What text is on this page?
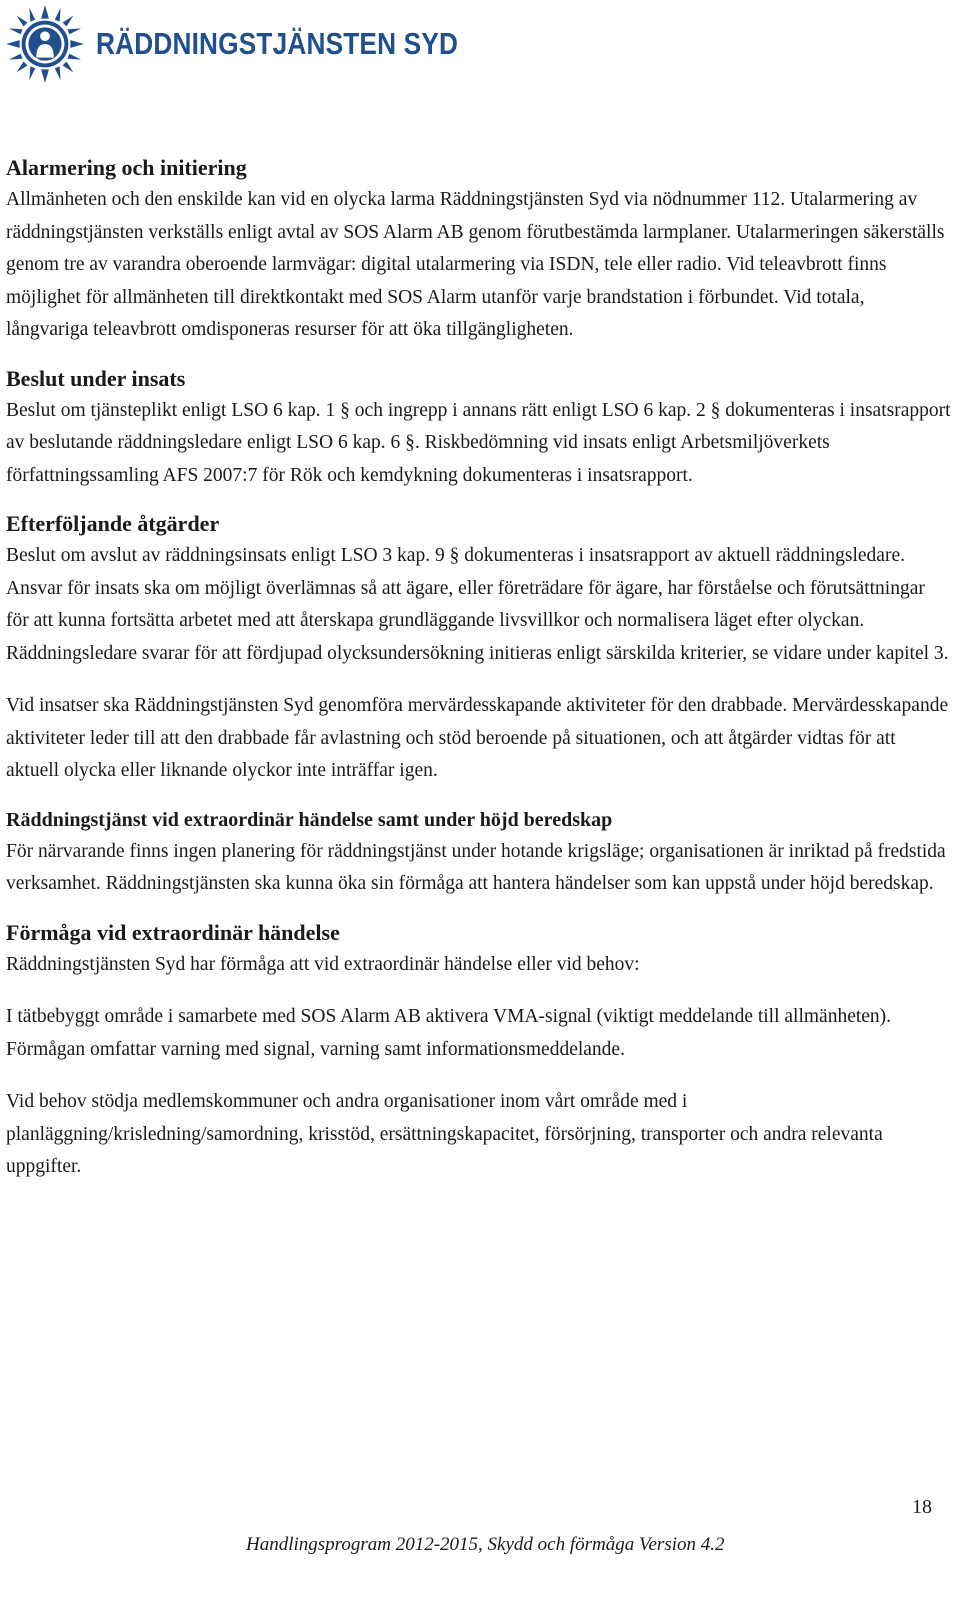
RÄDDNINGSTJÄNSTEN SYD
Alarmering och initiering

Allmänheten och den enskilde kan vid en olycka larma Räddningstjänsten Syd via nödnummer 112. Utalarmering av räddningstjänsten verkställs enligt avtal av SOS Alarm AB genom förutbestämda larmplaner. Utalarmeringen säkerställs genom tre av varandra oberoende larmvägar: digital utalarmering via ISDN, tele eller radio. Vid teleavbrott finns möjlighet för allmänheten till direktkontakt med SOS Alarm utanför varje brandstation i förbundet. Vid totala, långvariga teleavbrott omdisponeras resurser för att öka tillgängligheten.

Beslut under insats

Beslut om tjänsteplikt enligt LSO 6 kap. 1 § och ingrepp i annans rätt enligt LSO 6 kap. 2 § dokumenteras i insatsrapport av beslutande räddningsledare enligt LSO 6 kap. 6 §. Riskbedömning vid insats enligt Arbetsmiljöverkets författningssamling AFS 2007:7 för Rök och kemdykning dokumenteras i insatsrapport.

Efterföljande åtgärder

Beslut om avslut av räddningsinsats enligt LSO 3 kap. 9 § dokumenteras i insatsrapport av aktuell räddningsledare. Ansvar för insats ska om möjligt överlämnas så att ägare, eller företrädare för ägare, har förståelse och förutsättningar för att kunna fortsätta arbetet med att återskapa grundläggande livsvillkor och normalisera läget efter olyckan. Räddningsledare svarar för att fördjupad olycksundersökning initieras enligt särskilda kriterier, se vidare under kapitel 3.

Vid insatser ska Räddningstjänsten Syd genomföra mervärdesskapande aktiviteter för den drabbade. Mervärdesskapande aktiviteter leder till att den drabbade får avlastning och stöd beroende på situationen, och att åtgärder vidtas för att aktuell olycka eller liknande olyckor inte inträffar igen.

Räddningstjänst vid extraordinär händelse samt under höjd beredskap

För närvarande finns ingen planering för räddningstjänst under hotande krigsläge; organisationen är inriktad på fredstida verksamhet. Räddningstjänsten ska kunna öka sin förmåga att hantera händelser som kan uppstå under höjd beredskap.

Förmåga vid extraordinär händelse

Räddningstjänsten Syd har förmåga att vid extraordinär händelse eller vid behov:

I tätbebyggt område i samarbete med SOS Alarm AB aktivera VMA-signal (viktigt meddelande till allmänheten). Förmågan omfattar varning med signal, varning samt informationsmeddelande.

Vid behov stödja medlemskommuner och andra organisationer inom vårt område med i planläggning/krisledning/samordning, krisstöd, ersättningskapacitet, försörjning, transporter och andra relevanta uppgifter.

18
Handlingsprogram 2012-2015, Skydd och förmåga Version 4.2
